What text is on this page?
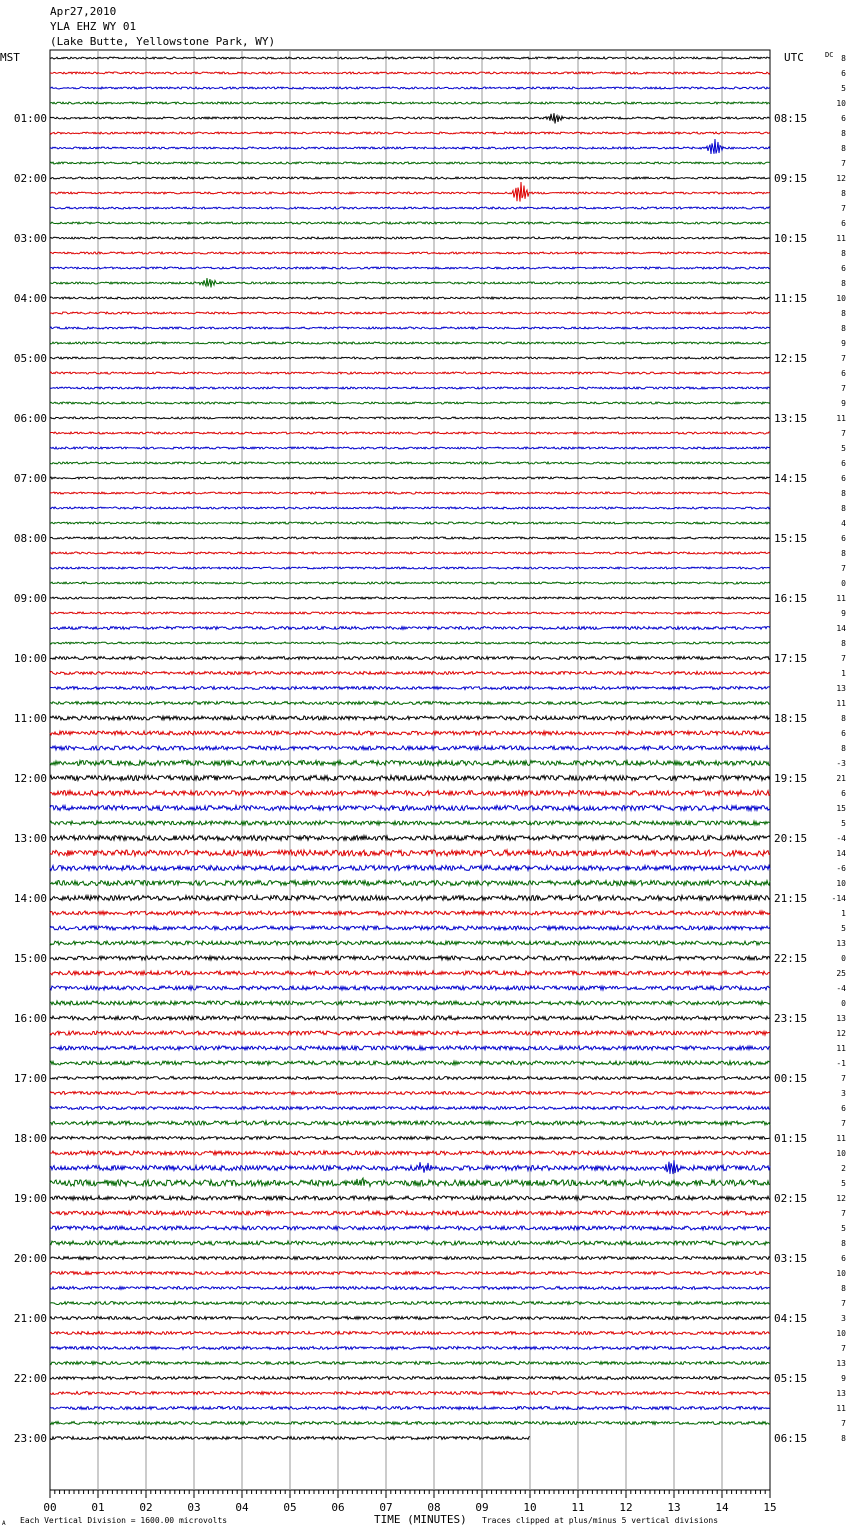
Apr27,2010
YLA EHZ WY 01
(Lake Butte, Yellowstone Park, WY)
8
6
5
10
6
8
8
7
12
8
7
6
11
8
6
8
10
8
8
9
7
6
7
9
11
7
5
6
6
8
8
4
6
8
7
0
11
9
14
8
7
1
13
11
8
6
8
-3
21
6
15
5
-4
14
-6
10
-14
1
5
13
0
25
-4
0
13
12
11
-1
7
3
6
7
11
10
2
5
12
7
5
8
6
10
8
7
3
10
7
13
9
13
11
7
8
MST	UTC	DC
01:00
02:00
03:00
04:00
05:00
06:00
07:00
08:00
09:00
10:00
11:00
12:00
13:00
14:00
15:00
16:00
17:00
18:00
19:00
20:00
21:00
22:00
23:00
08:15
09:15
10:15
11:15
12:15
13:15
14:15
15:15
16:15
17:15
18:15
19:15
20:15
21:15
22:15
23:15
00:15
01:15
02:15
03:15
04:15
05:15
06:15
00	01	02	03	04	05	06	07	08	09	10	11	12	13	14	15
A Each Vertical Division = 1600.00 microvolts	TIME (MINUTES) Traces clipped at plus/minus 5 vertical divisions
